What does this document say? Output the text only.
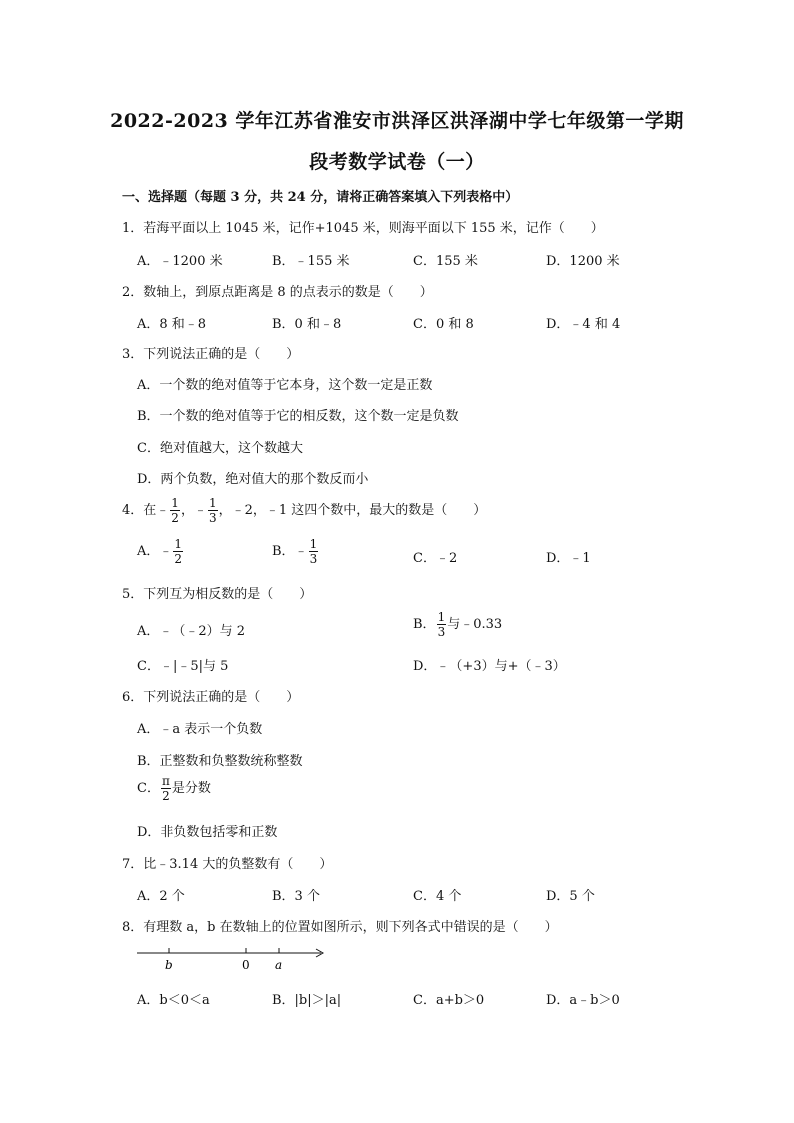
2022-2023 学年江苏省淮安市洪泽区洪泽湖中学七年级第一学期
段考数学试卷（一）
一、选择题（每题 3 分，共 24 分，请将正确答案填入下列表格中）
1．若海平面以上 1045 米，记作+1045 米，则海平面以下 155 米，记作（　　）
A．﹣1200 米	B．﹣155 米	C．155 米	D．1200 米
2．数轴上，到原点距离是 8 的点表示的数是（　　）
A．8 和﹣8	B．0 和﹣8	C．0 和 8	D．﹣4 和 4
3．下列说法正确的是（　　）
A．一个数的绝对值等于它本身，这个数一定是正数
B．一个数的绝对值等于它的相反数，这个数一定是负数
C．绝对值越大，这个数越大
D．两个负数，绝对值大的那个数反而小
4．在﹣ $\frac{1}{2}$ ，﹣ $\frac{1}{3}$ ，﹣2，﹣1 这四个数中，最大的数是（　　）
A．﹣ $\frac{1}{2}$	B．﹣ $\frac{1}{3}$	C．﹣2	D．﹣1
5．下列互为相反数的是（　　）
A．﹣（﹣2）与 2	B． $\frac{1}{3}$ 与﹣0.33
C．﹣|﹣5|与 5	D．﹣（+3）与+（﹣3）
6．下列说法正确的是（　　）
A．﹣a 表示一个负数
B．正整数和负整数统称整数
C． $\frac{\pi}{2}$ 是分数
D．非负数包括零和正数
7．比﹣3.14 大的负整数有（　　）
A．2 个	B．3 个	C．4 个	D．5 个
8．有理数 a，b 在数轴上的位置如图所示，则下列各式中错误的是（　　）
b	0 a
A．b＜0＜a	B．|b|＞|a|	C．a+b＞0	D．a﹣b＞0
